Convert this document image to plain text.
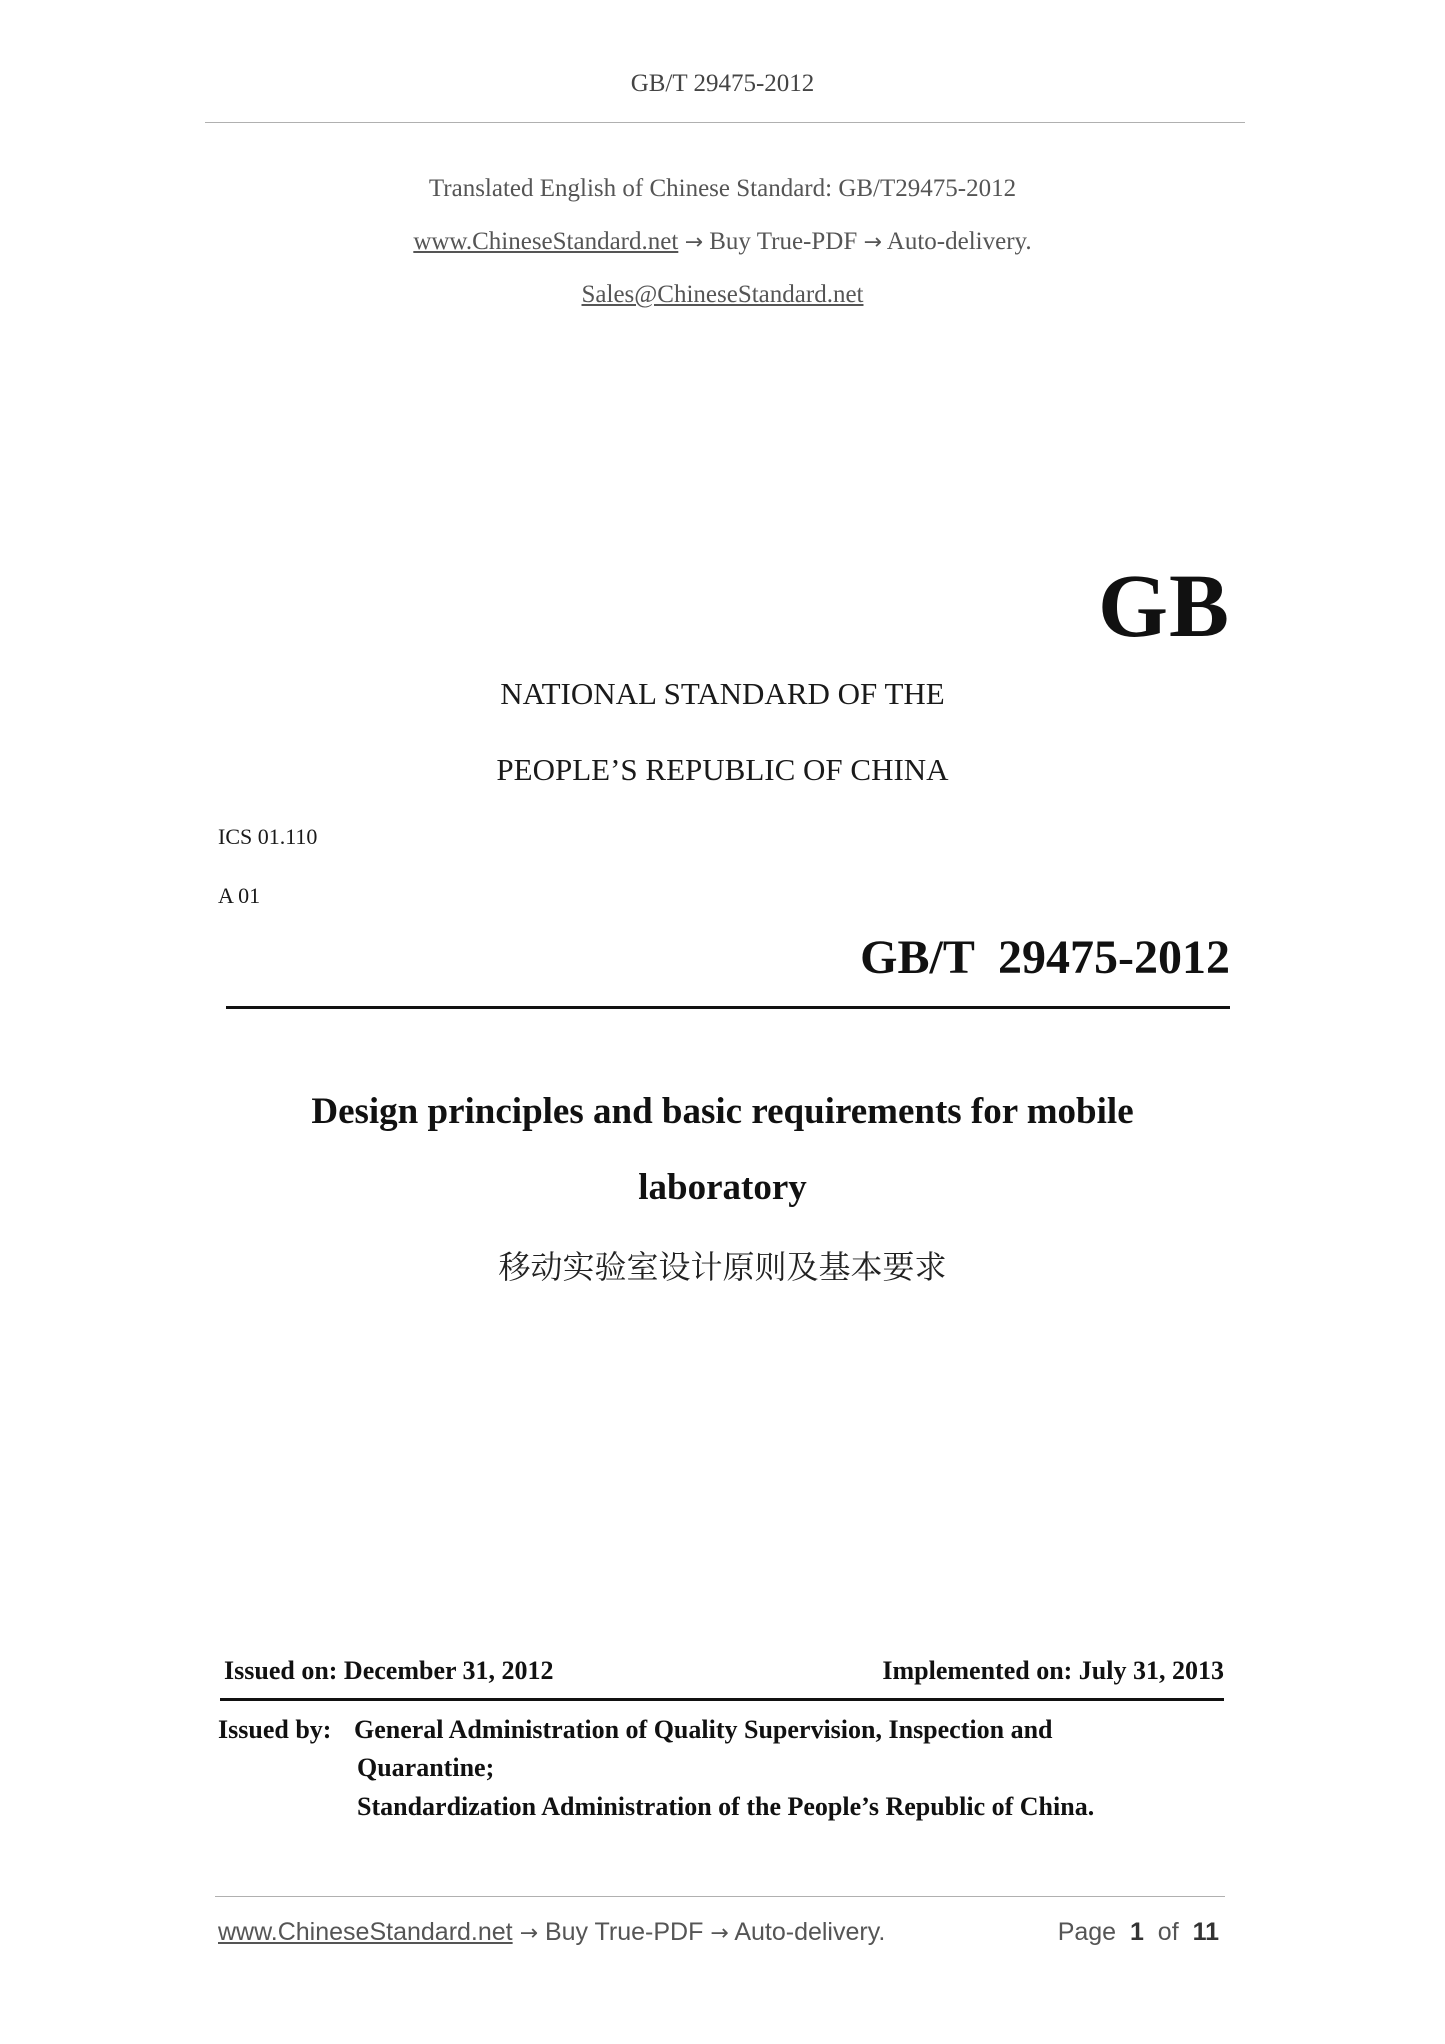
GB/T 29475-2012
Translated English of Chinese Standard: GB/T29475-2012
www.ChineseStandard.net → Buy True-PDF → Auto-delivery.
Sales@ChineseStandard.net
GB
NATIONAL STANDARD OF THE
PEOPLE’S REPUBLIC OF CHINA
ICS 01.110
A 01
GB/T  29475-2012
Design principles and basic requirements for mobile
laboratory
移动实验室设计原则及基本要求
Issued on: December 31, 2012	Implemented on: July 31, 2013
Issued by: General Administration of Quality Supervision, Inspection and
Quarantine;
Standardization Administration of the People’s Republic of China.
www.ChineseStandard.net → Buy True-PDF → Auto-delivery.	Page 1 of 11
